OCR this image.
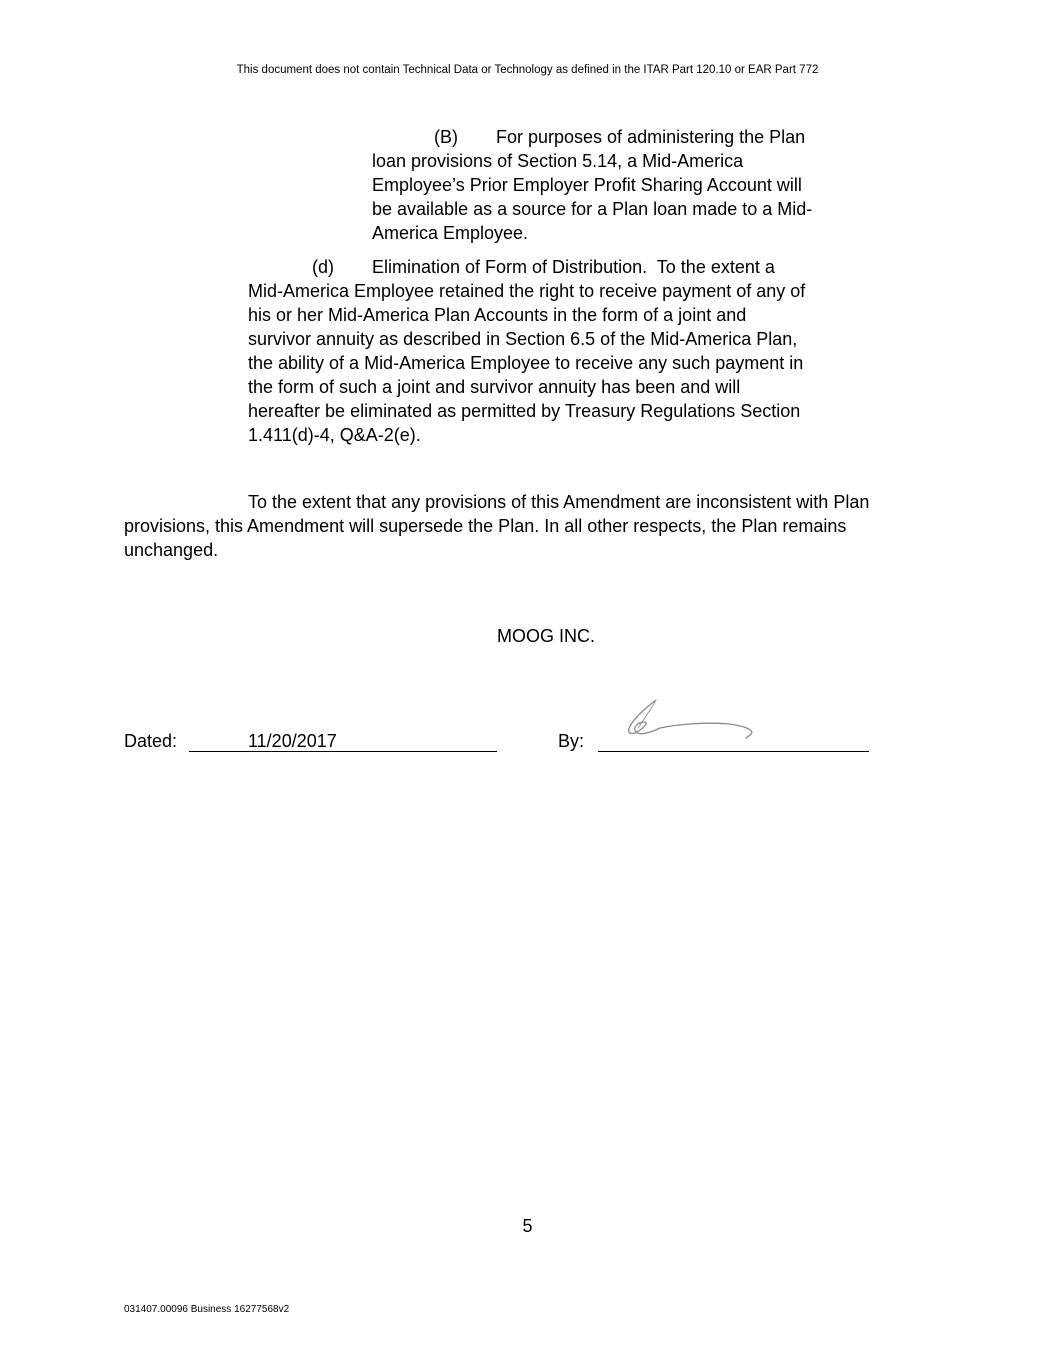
This document does not contain Technical Data or Technology as defined in the ITAR Part 120.10 or EAR Part 772

(B) For purposes of administering the Plan loan provisions of Section 5.14, a Mid-America Employee’s Prior Employer Profit Sharing Account will be available as a source for a Plan loan made to a Mid-America Employee.

(d) Elimination of Form of Distribution. To the extent a Mid-America Employee retained the right to receive payment of any of his or her Mid-America Plan Accounts in the form of a joint and survivor annuity as described in Section 6.5 of the Mid-America Plan, the ability of a Mid-America Employee to receive any such payment in the form of such a joint and survivor annuity has been and will hereafter be eliminated as permitted by Treasury Regulations Section 1.411(d)-4, Q&A-2(e).

To the extent that any provisions of this Amendment are inconsistent with Plan provisions, this Amendment will supersede the Plan. In all other respects, the Plan remains unchanged.

MOOG INC.
Dated:	11/20/2017	By:
5
031407.00096 Business 16277568v2
